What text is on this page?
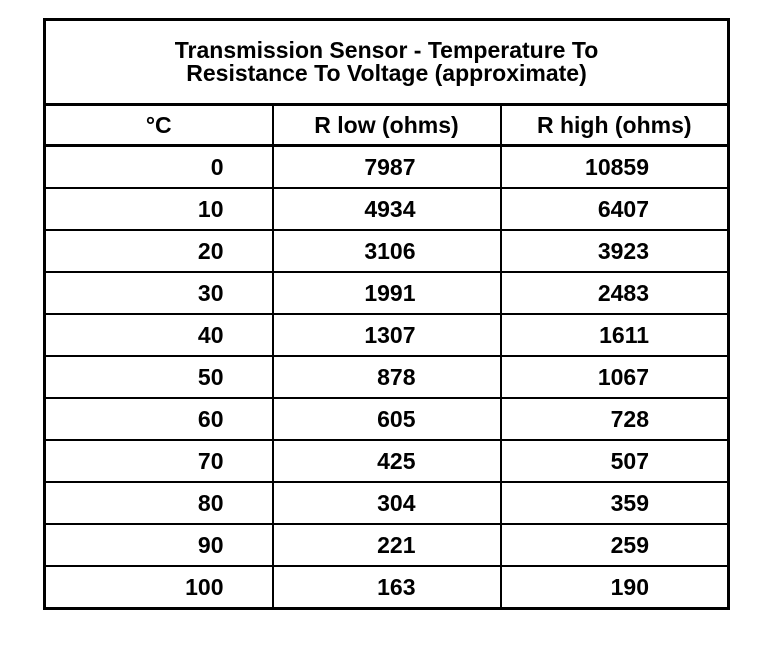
Transmission Sensor - Temperature To
Resistance To Voltage (approximate)		

°C	R low (ohms)	R high (ohms)
0	7987	10859
10	4934	6407
20	3106	3923
30	1991	2483
40	1307	1611
50	878	1067
60	605	728
70	425	507
80	304	359
90	221	259
100	163	190
